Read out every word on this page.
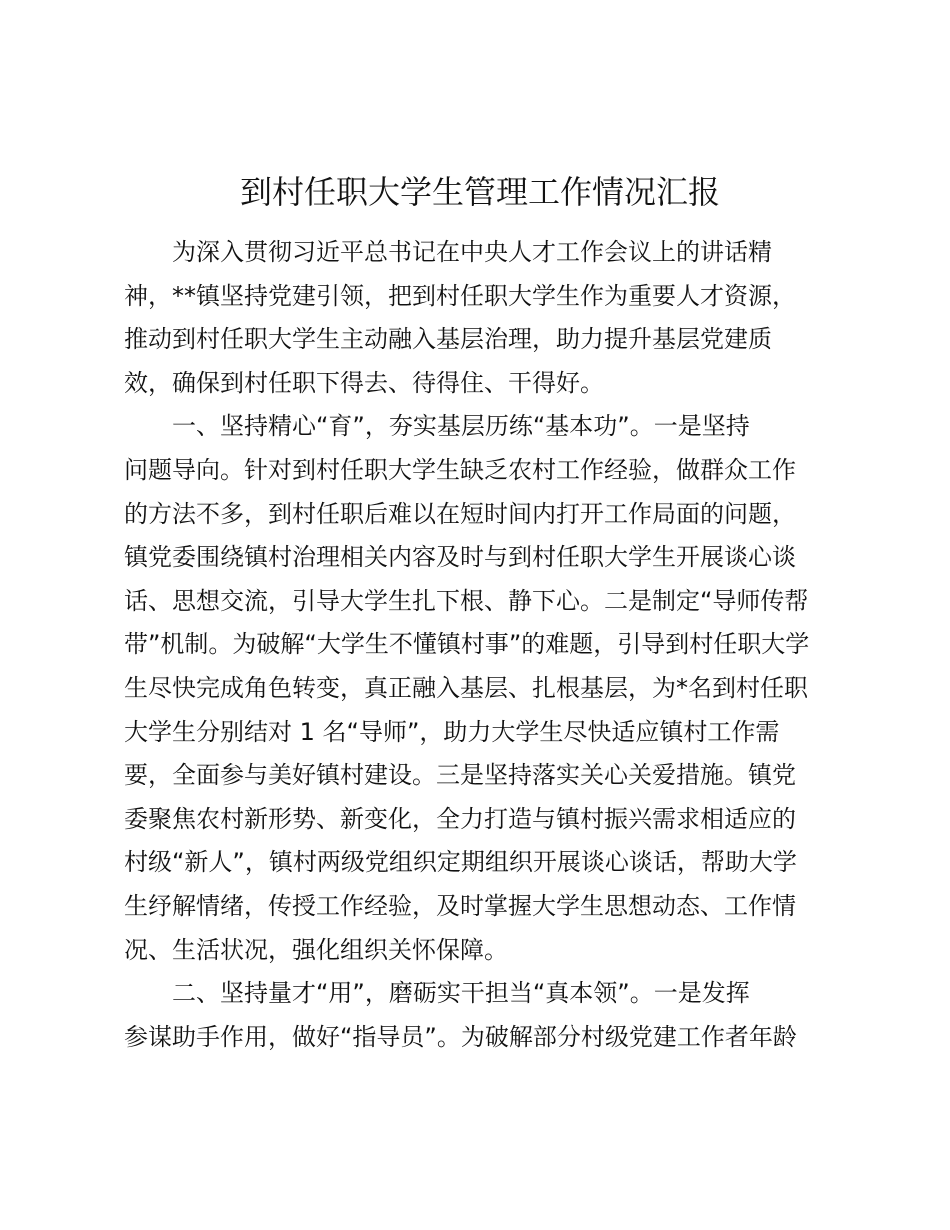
到村任职大学生管理工作情况汇报
为深入贯彻习近平总书记在中央人才工作会议上的讲话精
神，**镇坚持党建引领，把到村任职大学生作为重要人才资源，
推动到村任职大学生主动融入基层治理，助力提升基层党建质
效，确保到村任职下得去、待得住、干得好。
一、坚持精心“育”，夯实基层历练“基本功”。一是坚持
问题导向。针对到村任职大学生缺乏农村工作经验，做群众工作
的方法不多，到村任职后难以在短时间内打开工作局面的问题，
镇党委围绕镇村治理相关内容及时与到村任职大学生开展谈心谈
话、思想交流，引导大学生扎下根、静下心。二是制定“导师传帮
带”机制。为破解“大学生不懂镇村事”的难题，引导到村任职大学
生尽快完成角色转变，真正融入基层、扎根基层，为*名到村任职
大学生分别结对 1 名“导师”，助力大学生尽快适应镇村工作需
要，全面参与美好镇村建设。三是坚持落实关心关爱措施。镇党
委聚焦农村新形势、新变化，全力打造与镇村振兴需求相适应的
村级“新人”，镇村两级党组织定期组织开展谈心谈话，帮助大学
生纾解情绪，传授工作经验，及时掌握大学生思想动态、工作情
况、生活状况，强化组织关怀保障。
二、坚持量才“用”，磨砺实干担当“真本领”。一是发挥
参谋助手作用，做好“指导员”。为破解部分村级党建工作者年龄
